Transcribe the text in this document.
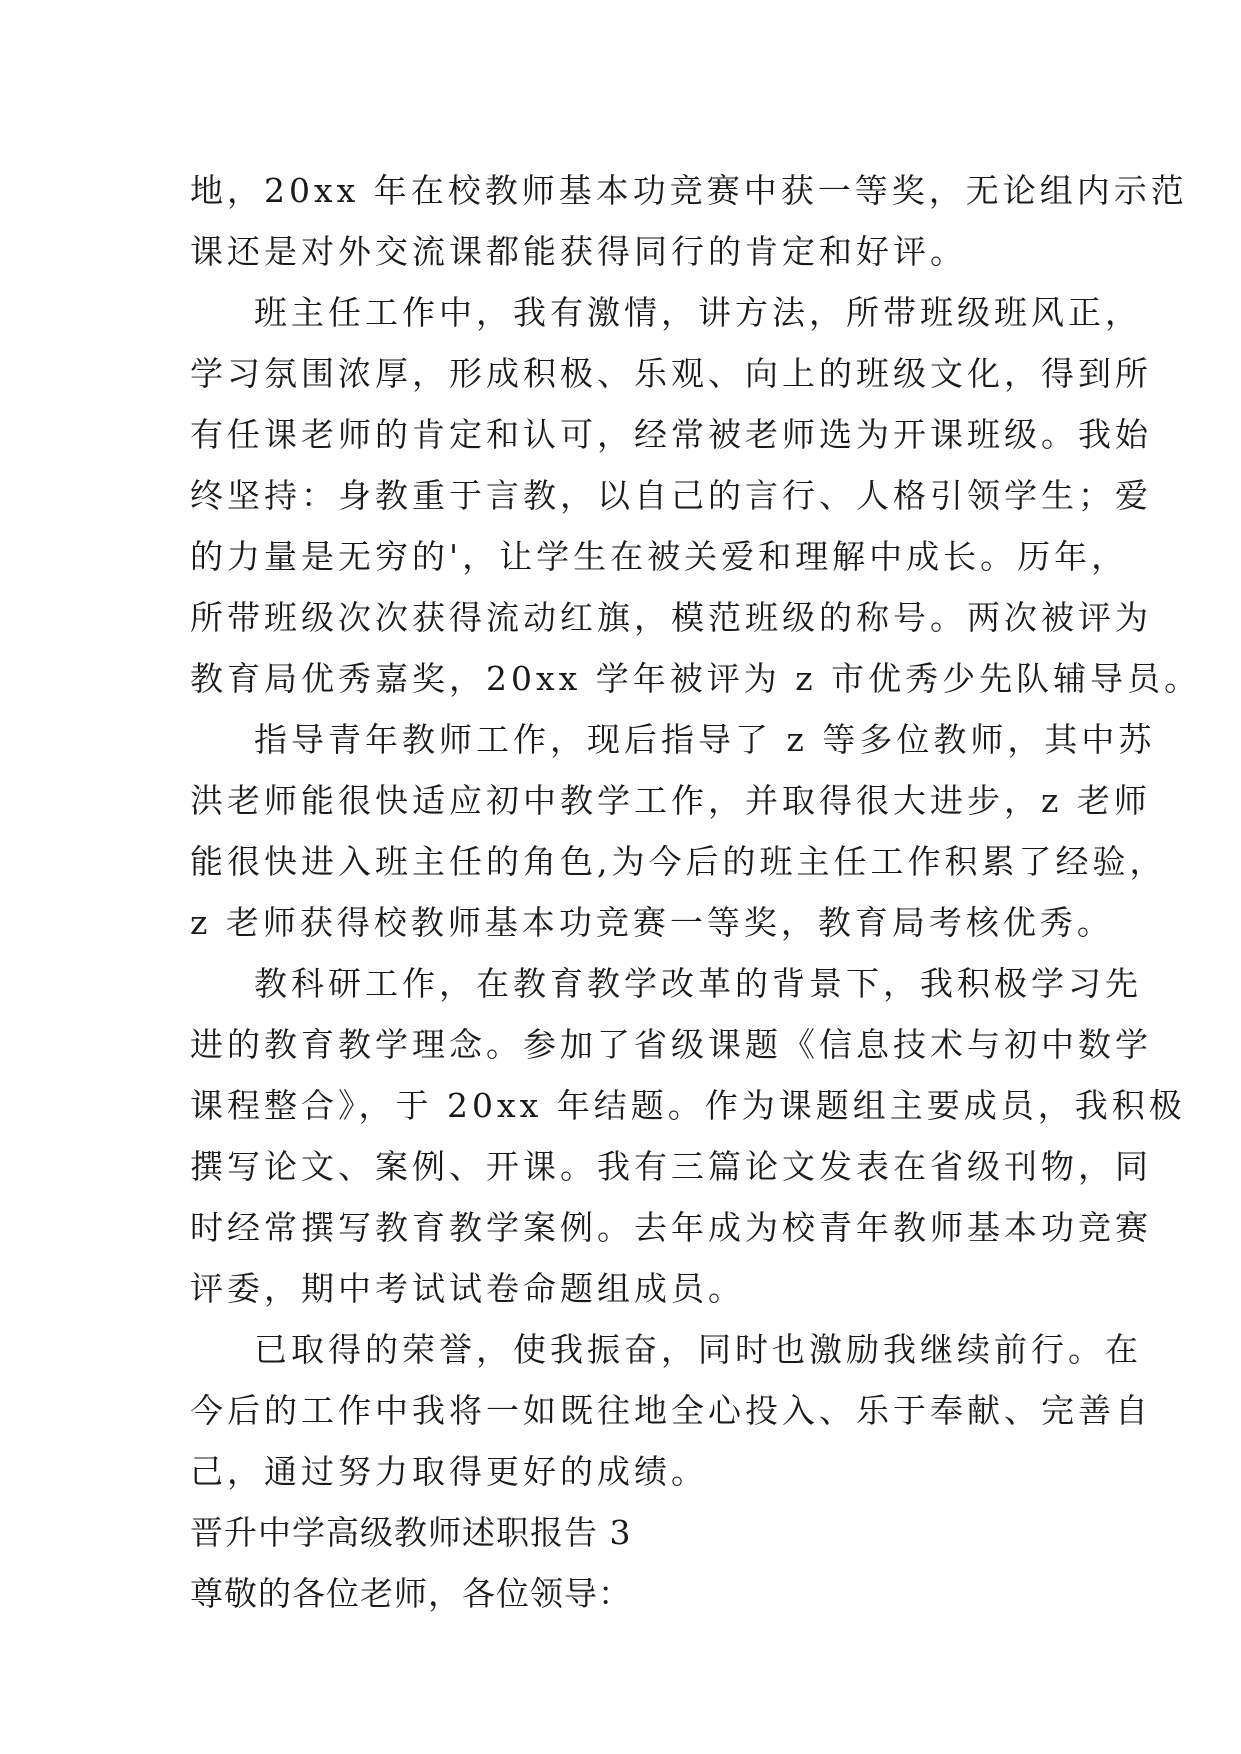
地，20xx 年在校教师基本功竞赛中获一等奖，无论组内示范
课还是对外交流课都能获得同行的肯定和好评。
班主任工作中，我有激情，讲方法，所带班级班风正，
学习氛围浓厚，形成积极、乐观、向上的班级文化，得到所
有任课老师的肯定和认可，经常被老师选为开课班级。我始
终坚持：身教重于言教，以自己的言行、人格引领学生；爱
的力量是无穷的'，让学生在被关爱和理解中成长。历年，
所带班级次次获得流动红旗，模范班级的称号。两次被评为
教育局优秀嘉奖，20xx 学年被评为 z 市优秀少先队辅导员。
指导青年教师工作，现后指导了 z 等多位教师，其中苏
洪老师能很快适应初中教学工作，并取得很大进步，z 老师
能很快进入班主任的角色,为今后的班主任工作积累了经验，
z 老师获得校教师基本功竞赛一等奖，教育局考核优秀。
教科研工作，在教育教学改革的背景下，我积极学习先
进的教育教学理念。参加了省级课题《信息技术与初中数学
课程整合》，于 20xx 年结题。作为课题组主要成员，我积极
撰写论文、案例、开课。我有三篇论文发表在省级刊物，同
时经常撰写教育教学案例。去年成为校青年教师基本功竞赛
评委，期中考试试卷命题组成员。
已取得的荣誉，使我振奋，同时也激励我继续前行。在
今后的工作中我将一如既往地全心投入、乐于奉献、完善自
己，通过努力取得更好的成绩。
晋升中学高级教师述职报告 3
尊敬的各位老师，各位领导：
